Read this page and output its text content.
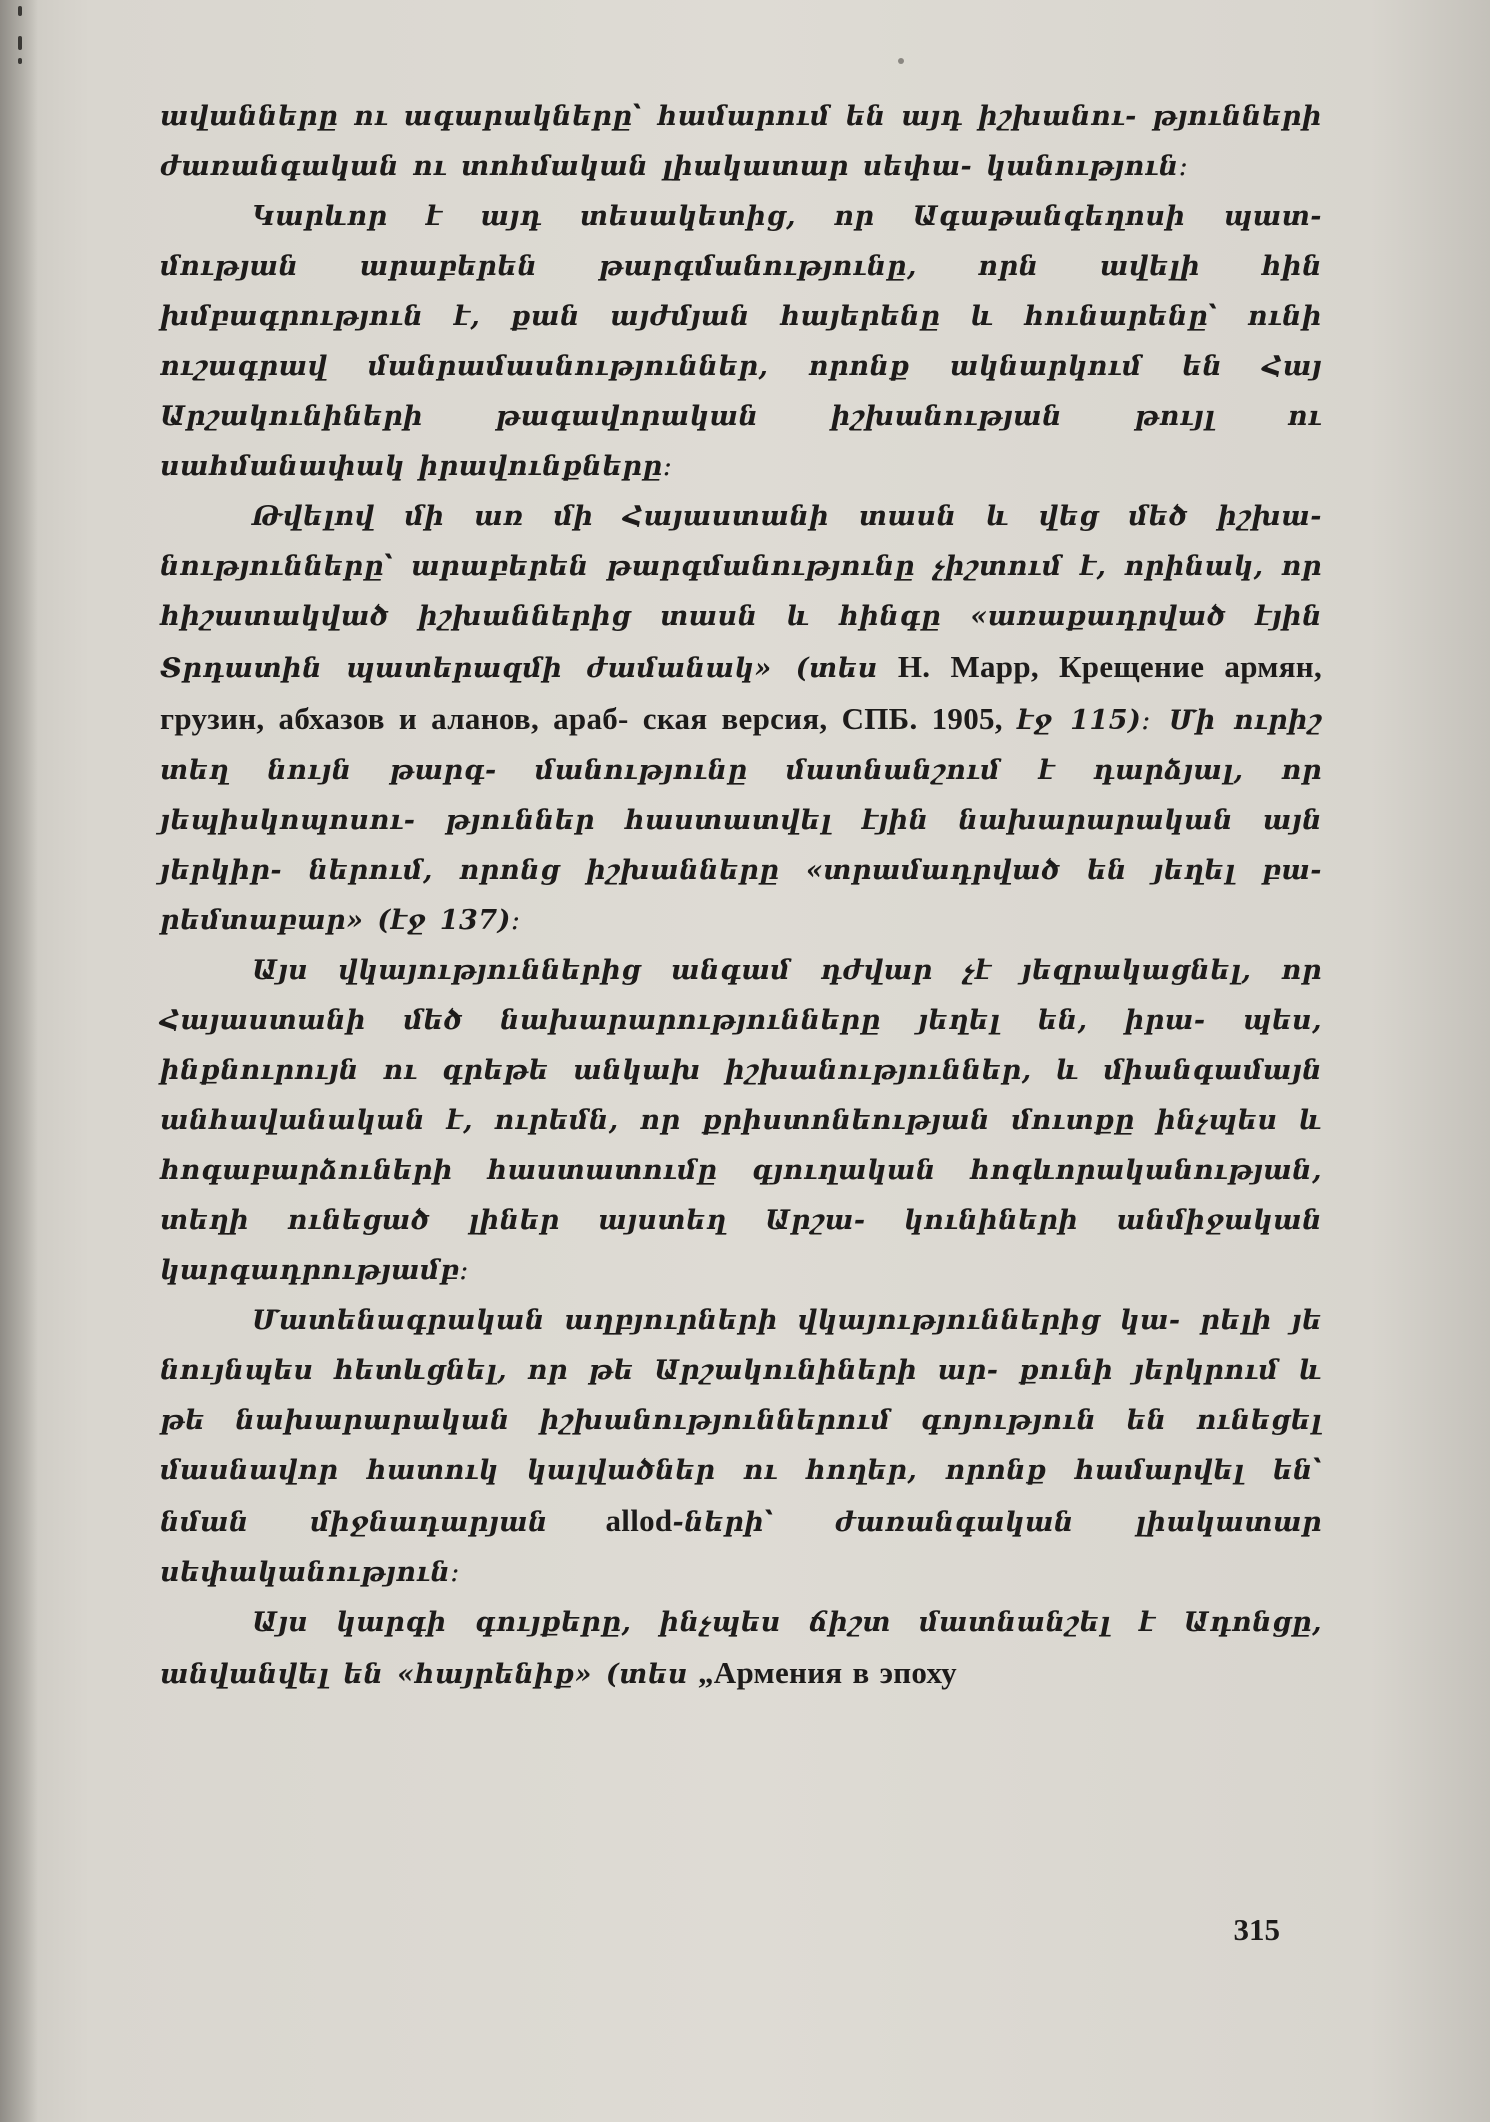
ավանները ու ագարակները՝ համարում են այդ իշխանու- թյունների ժառանգական ու տոհմական լիակատար սեփա- կանություն։

Կարևոր է այդ տեսակետից, որ Ագաթանգեղոսի պատ- մության արաբերեն թարգմանությունը, որն ավելի հին խմբագրություն է, քան այժմյան հայերենը և հունարենը՝ ունի ուշագրավ մանրամասնություններ, որոնք ակնարկում են Հայ Արշակունիների թագավորական իշխանության թույլ ու սահմանափակ իրավունքները։

Թվելով մի առ մի Հայաստանի տասն և վեց մեծ իշխա- նությունները՝ արաբերեն թարգմանությունը չիշտում է, որինակ, որ հիշատակված իշխաններից տասն և հինգը «առաքադրված էյին Տրդատին պատերազմի ժամանակ» (տես Н. Марр, Крещение армян, грузин, абхазов и аланов, араб- ская версия, СПБ. 1905, էջ 115)։ Մի ուրիշ տեղ նույն թարգ- մանությունը մատնանշում է դարձյալ, որ յեպիսկոպոսու- թյուններ հաստատվել էյին նախարարական այն յերկիր- ներում, որոնց իշխանները «տրամադրված են յեղել բա- րեմտաբար» (էջ 137)։

Այս վկայություններից անգամ դժվար չէ յեզրակացնել, որ Հայաստանի մեծ նախարարությունները յեղել են, իրա- պես, ինքնուրույն ու գրեթե անկախ իշխանություններ, և միանգամայն անհավանական է, ուրեմն, որ քրիստոնեության մուտքը ինչպես և հոգաբարձուների հաստատումը գյուղական հոգևորականության, տեղի ունեցած լիներ այստեղ Արշա- կունիների անմիջական կարգադրությամբ։

Մատենագրական աղբյուրների վկայություններից կա- րելի յե նույնպես հետևցնել, որ թե Արշակունիների ար- քունի յերկրում և թե նախարարական իշխանություններում գոյություն են ունեցել մասնավոր հատուկ կալվածներ ու հողեր, որոնք համարվել են՝ նման միջնադարյան allod-ների՝ ժառանգական լիակատար սեփականություն։

Այս կարգի գույքերը, ինչպես ճիշտ մատնանշել է Ադոնցը, անվանվել են «հայրենիք» (տես „Армения в эпоху

315
